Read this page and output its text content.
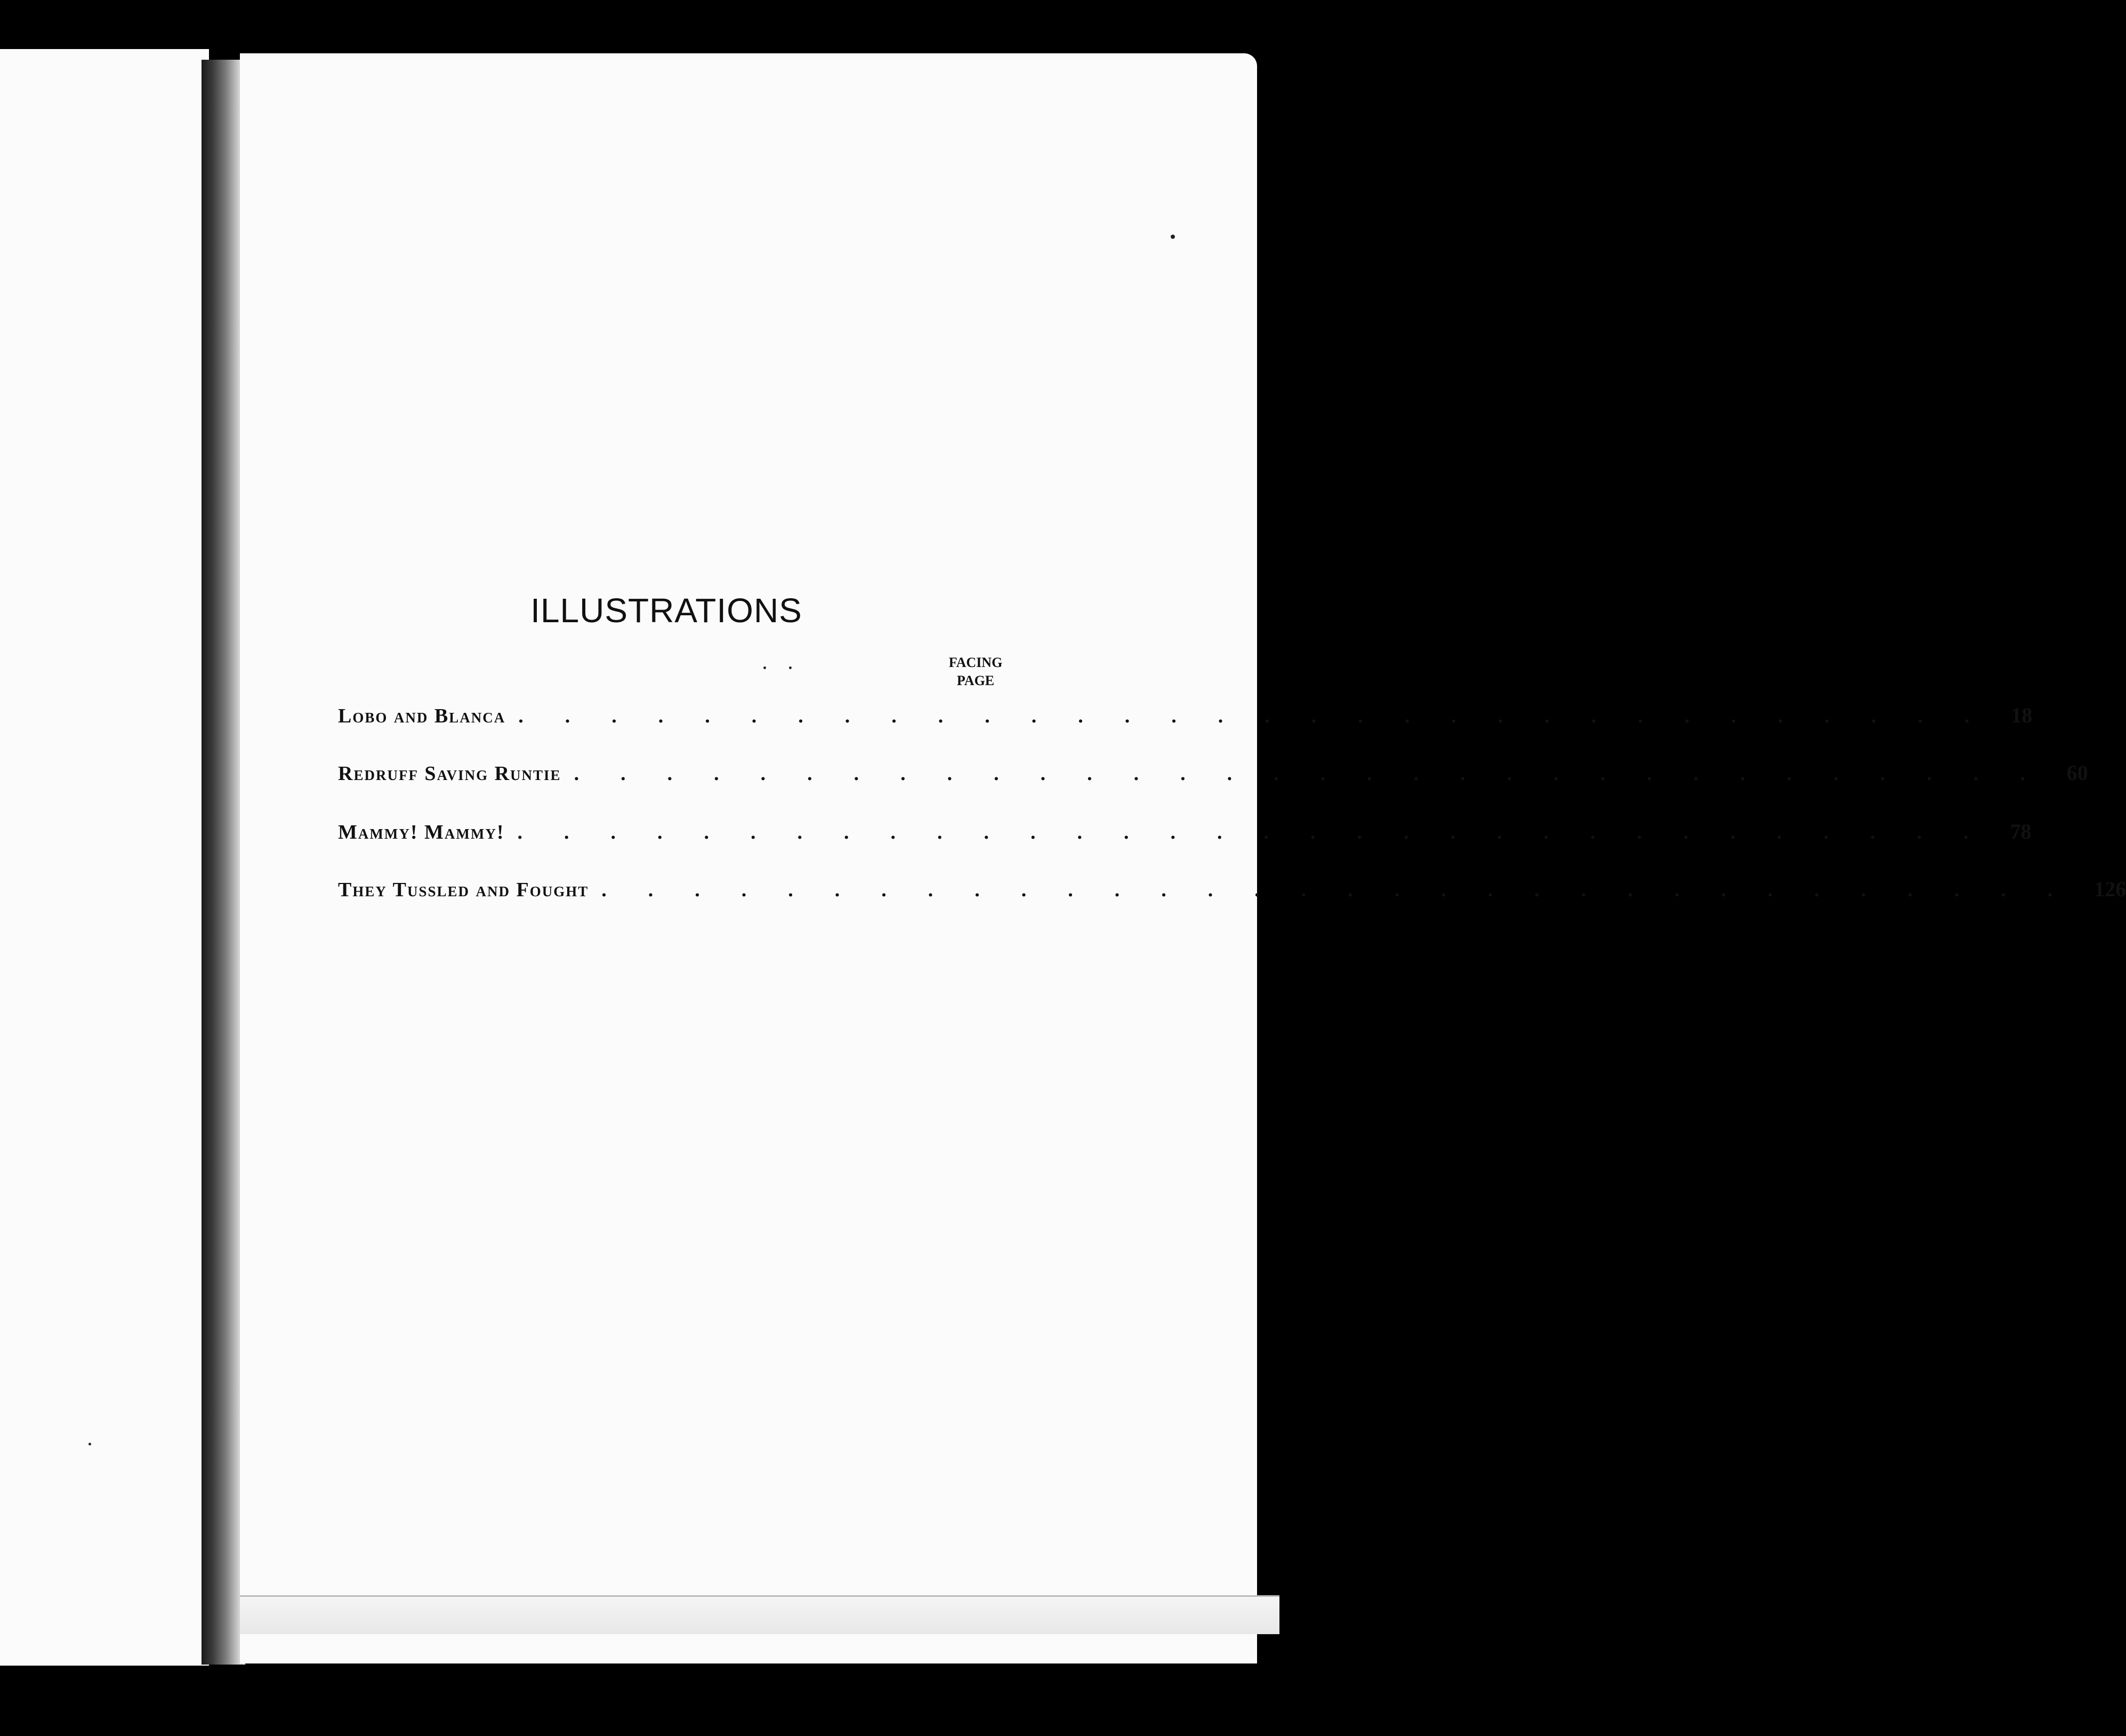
ILLUSTRATIONS
FACING
PAGE
Lobo and Blanca ................................ 18
Redruff Saving Runtie ................................ 60
Mammy! Mammy! ................................ 78
They Tussled and Fought ................................ 126
